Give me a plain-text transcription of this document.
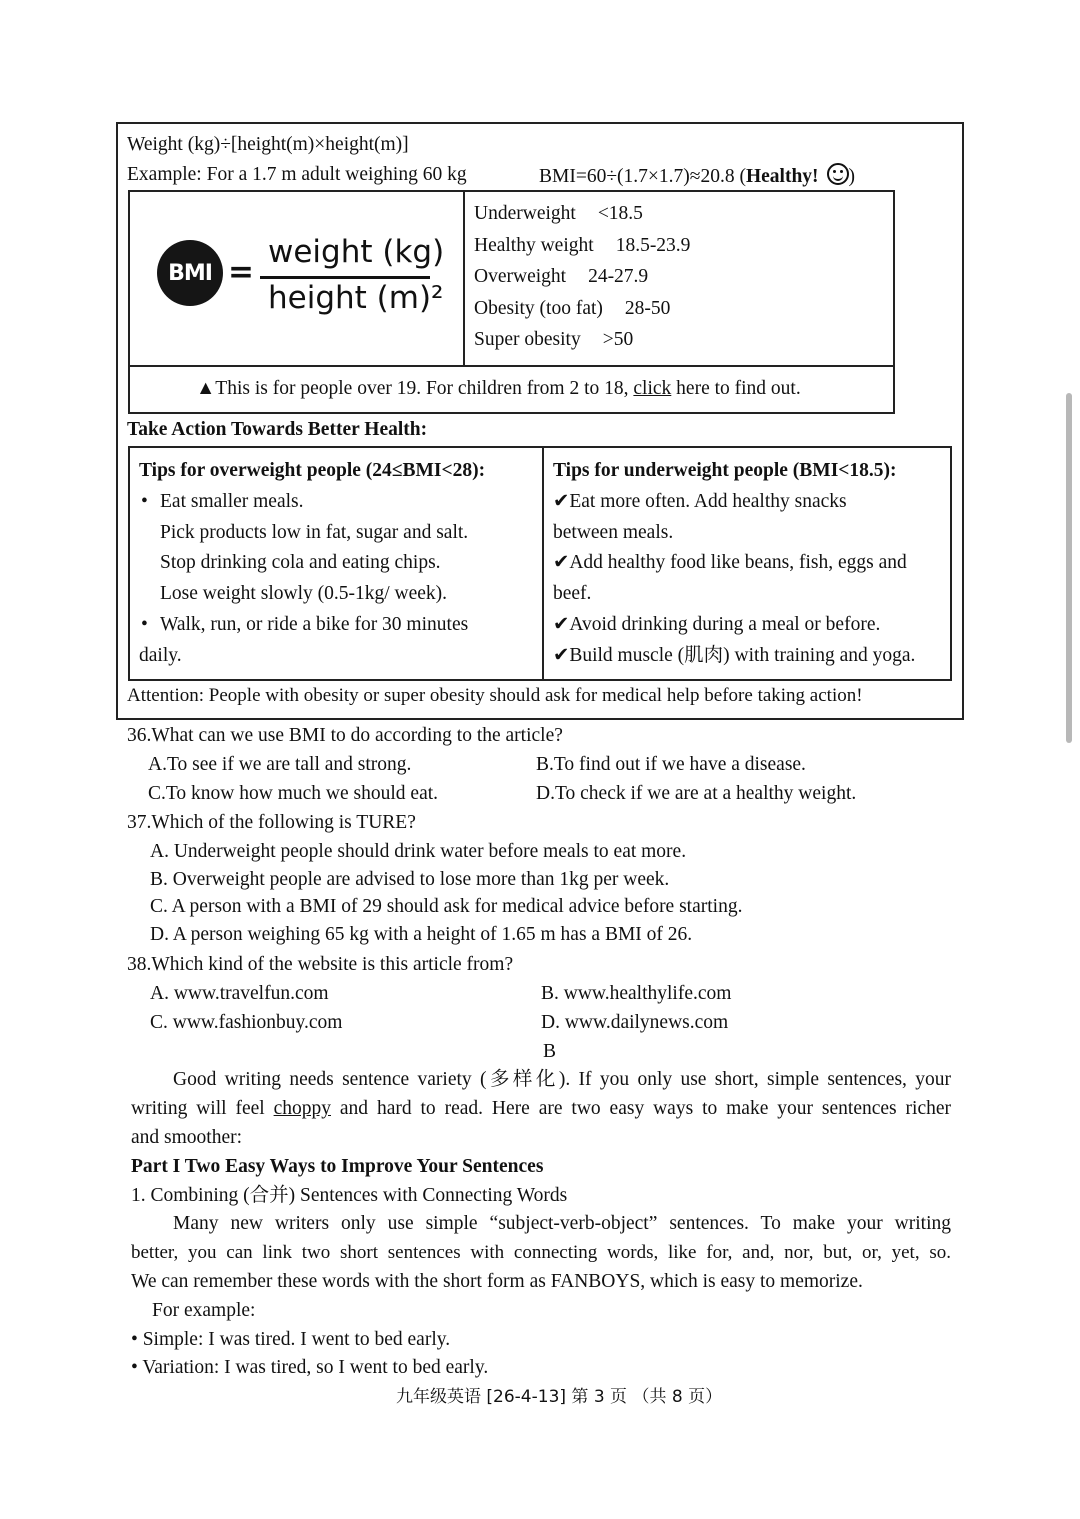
Weight (kg)÷[height(m)×height(m)]
Example: For a 1.7 m adult weighing 60 kg	BMI=60÷(1.7×1.7)≈20.8 (Healthy! )
BMI =
weight (kg)
height (m)²
Underweight <18.5
Healthy weight 18.5-23.9
Overweight 24-27.9
Obesity (too fat) 28-50
Super obesity >50
▲This is for people over 19. For children from 2 to 18, click here to find out.
Take Action Towards Better Health:
Tips for overweight people (24≤BMI<28):
• Eat smaller meals.
Pick products low in fat, sugar and salt.
Stop drinking cola and eating chips.
Lose weight slowly (0.5-1kg/ week).
• Walk, run, or ride a bike for 30 minutes
daily.
Tips for underweight people (BMI<18.5):
✔Eat more often. Add healthy snacks
between meals.
✔Add healthy food like beans, fish, eggs and
beef.
✔Avoid drinking during a meal or before.
✔Build muscle (肌肉) with training and yoga.
Attention: People with obesity or super obesity should ask for medical help before taking action!
36.What can we use BMI to do according to the article?
A.To see if we are tall and strong.	B.To find out if we have a disease.
C.To know how much we should eat.	D.To check if we are at a healthy weight.
37.Which of the following is TURE?
A. Underweight people should drink water before meals to eat more.
B. Overweight people are advised to lose more than 1kg per week.
C. A person with a BMI of 29 should ask for medical advice before starting.
D. A person weighing 65 kg with a height of 1.65 m has a BMI of 26.
38.Which kind of the website is this article from?
A. www.travelfun.com	B. www.healthylife.com
C. www.fashionbuy.com	D. www.dailynews.com
B
Good writing needs sentence variety (多样化). If you only use short, simple sentences, your
writing will feel choppy and hard to read. Here are two easy ways to make your sentences richer
and smoother:
Part I Two Easy Ways to Improve Your Sentences
1. Combining (合并) Sentences with Connecting Words
Many new writers only use simple “subject-verb-object” sentences. To make your writing
better, you can link two short sentences with connecting words, like for, and, nor, but, or, yet, so.
We can remember these words with the short form as FANBOYS, which is easy to memorize.
For example:
• Simple: I was tired. I went to bed early.
• Variation: I was tired, so I went to bed early.
九年级英语 [26-4-13] 第 3 页 （共 8 页）
